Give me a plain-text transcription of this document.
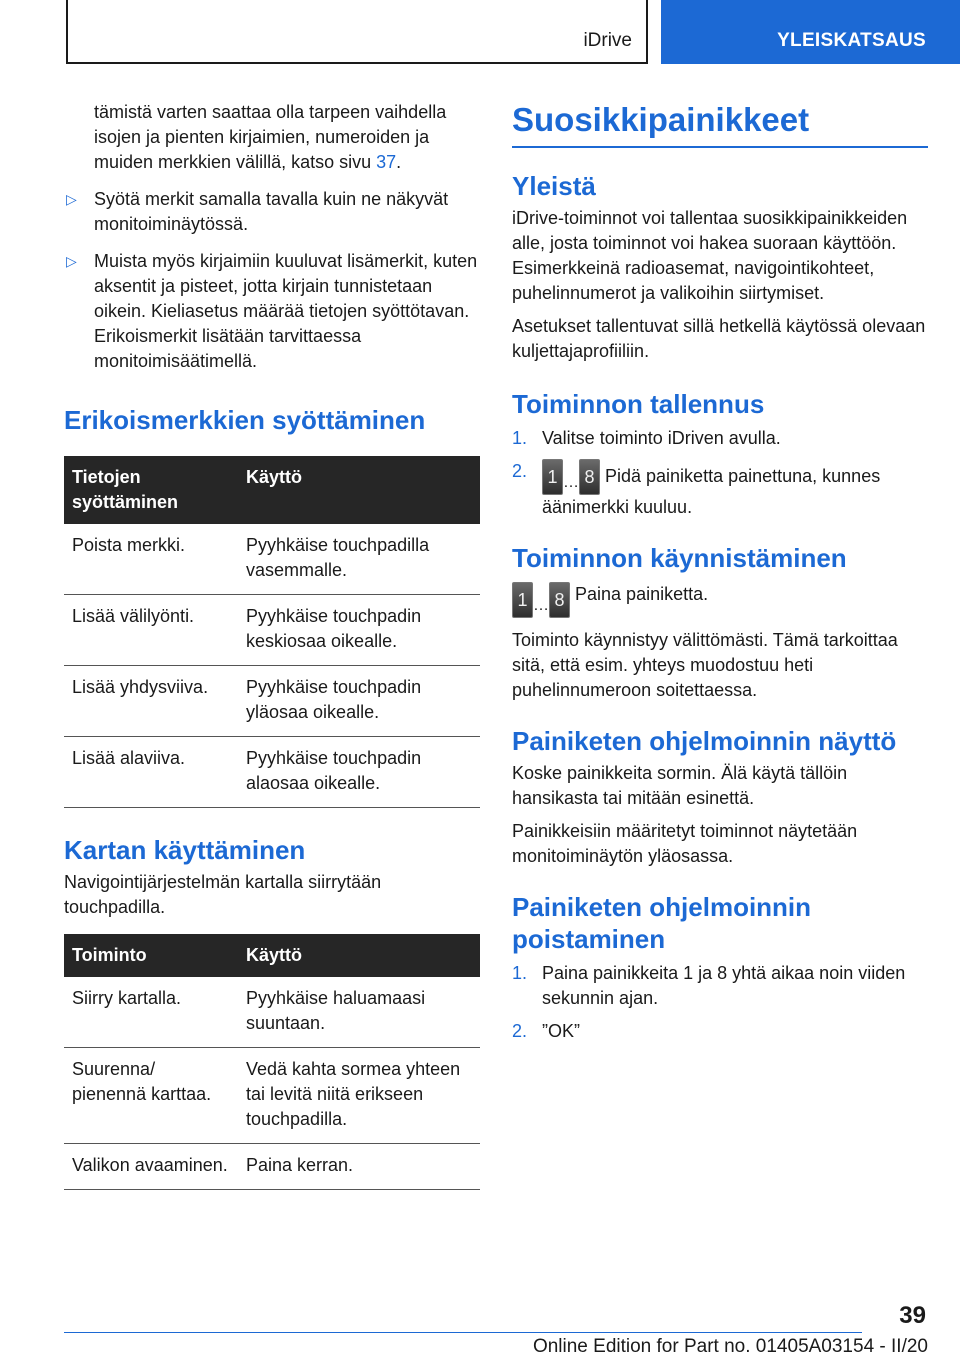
iDrive	YLEISKATSAUS

tämistä varten saattaa olla tarpeen vaihdella isojen ja pienten kirjaimien, numeroiden ja muiden merkkien välillä, katso sivu 37.

▷ Syötä merkit samalla tavalla kuin ne näkyvät monitoiminäytössä.

▷ Muista myös kirjaimiin kuuluvat lisämerkit, kuten aksentit ja pisteet, jotta kirjain tunnistetaan oikein. Kieliasetus määrää tietojen syöttötavan. Erikoismerkit lisätään tarvittaessa monitoimisäätimellä.

Erikoismerkkien syöttäminen
Tietojen syöttäminen	Käyttö
Poista merkki.	Pyyhkäise touchpadilla vasemmalle.
Lisää välilyönti.	Pyyhkäise touchpadin keskiosaa oikealle.
Lisää yhdysviiva.	Pyyhkäise touchpadin yläosaa oikealle.
Lisää alaviiva.	Pyyhkäise touchpadin alaosaa oikealle.
Kartan käyttäminen

Navigointijärjestelmän kartalla siirrytään touchpadilla.

Toiminto	Käyttö
Siirry kartalla.	Pyyhkäise haluamaasi suuntaan.
Suurenna/ pienennä karttaa.	Vedä kahta sormea yhteen tai levitä niitä erikseen touchpadilla.
Valikon avaaminen.	Paina kerran.
Suosikkipainikkeet
Yleistä

iDrive-toiminnot voi tallentaa suosikkipainikkeiden alle, josta toiminnot voi hakea suoraan käyttöön. Esimerkkeinä radioasemat, navigointikohteet, puhelinnumerot ja valikoihin siirtymiset.

Asetukset tallentuvat sillä hetkellä käytössä olevaan kuljettajaprofiiliin.

Toiminnon tallennus
1. Valitse toiminto iDriven avulla.
2. 1 … 8 Pidä painiketta painettuna, kunnes äänimerkki kuuluu.
Toiminnon käynnistäminen
1 … 8 Paina painiketta.

Toiminto käynnistyy välittömästi. Tämä tarkoittaa sitä, että esim. yhteys muodostuu heti puhelinnumeroon soitettaessa.

Painiketen ohjelmoinnin näyttö

Koske painikkeita sormin. Älä käytä tällöin hansikasta tai mitään esinettä.

Painikkeisiin määritetyt toiminnot näytetään monitoiminäytön yläosassa.

Painiketen ohjelmoinnin poistaminen
1. Paina painikkeita 1 ja 8 yhtä aikaa noin viiden sekunnin ajan.
2. ”OK”
39
Online Edition for Part no. 01405A03154 - II/20
